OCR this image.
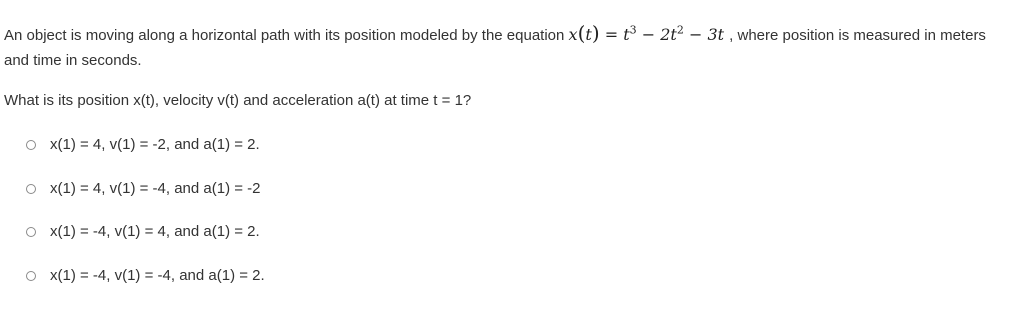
An object is moving along a horizontal path with its position modeled by the equation $x(t) = t^3 - 2t^2 - 3t$ , where position is measured in meters and time in seconds.
What is its position x(t), velocity v(t) and acceleration a(t) at time t = 1?
x(1) = 4, v(1) = -2, and a(1) = 2.
x(1) = 4, v(1) = -4, and a(1) = -2
x(1) = -4, v(1) = 4, and a(1) = 2.
x(1) = -4, v(1) = -4, and a(1) = 2.
